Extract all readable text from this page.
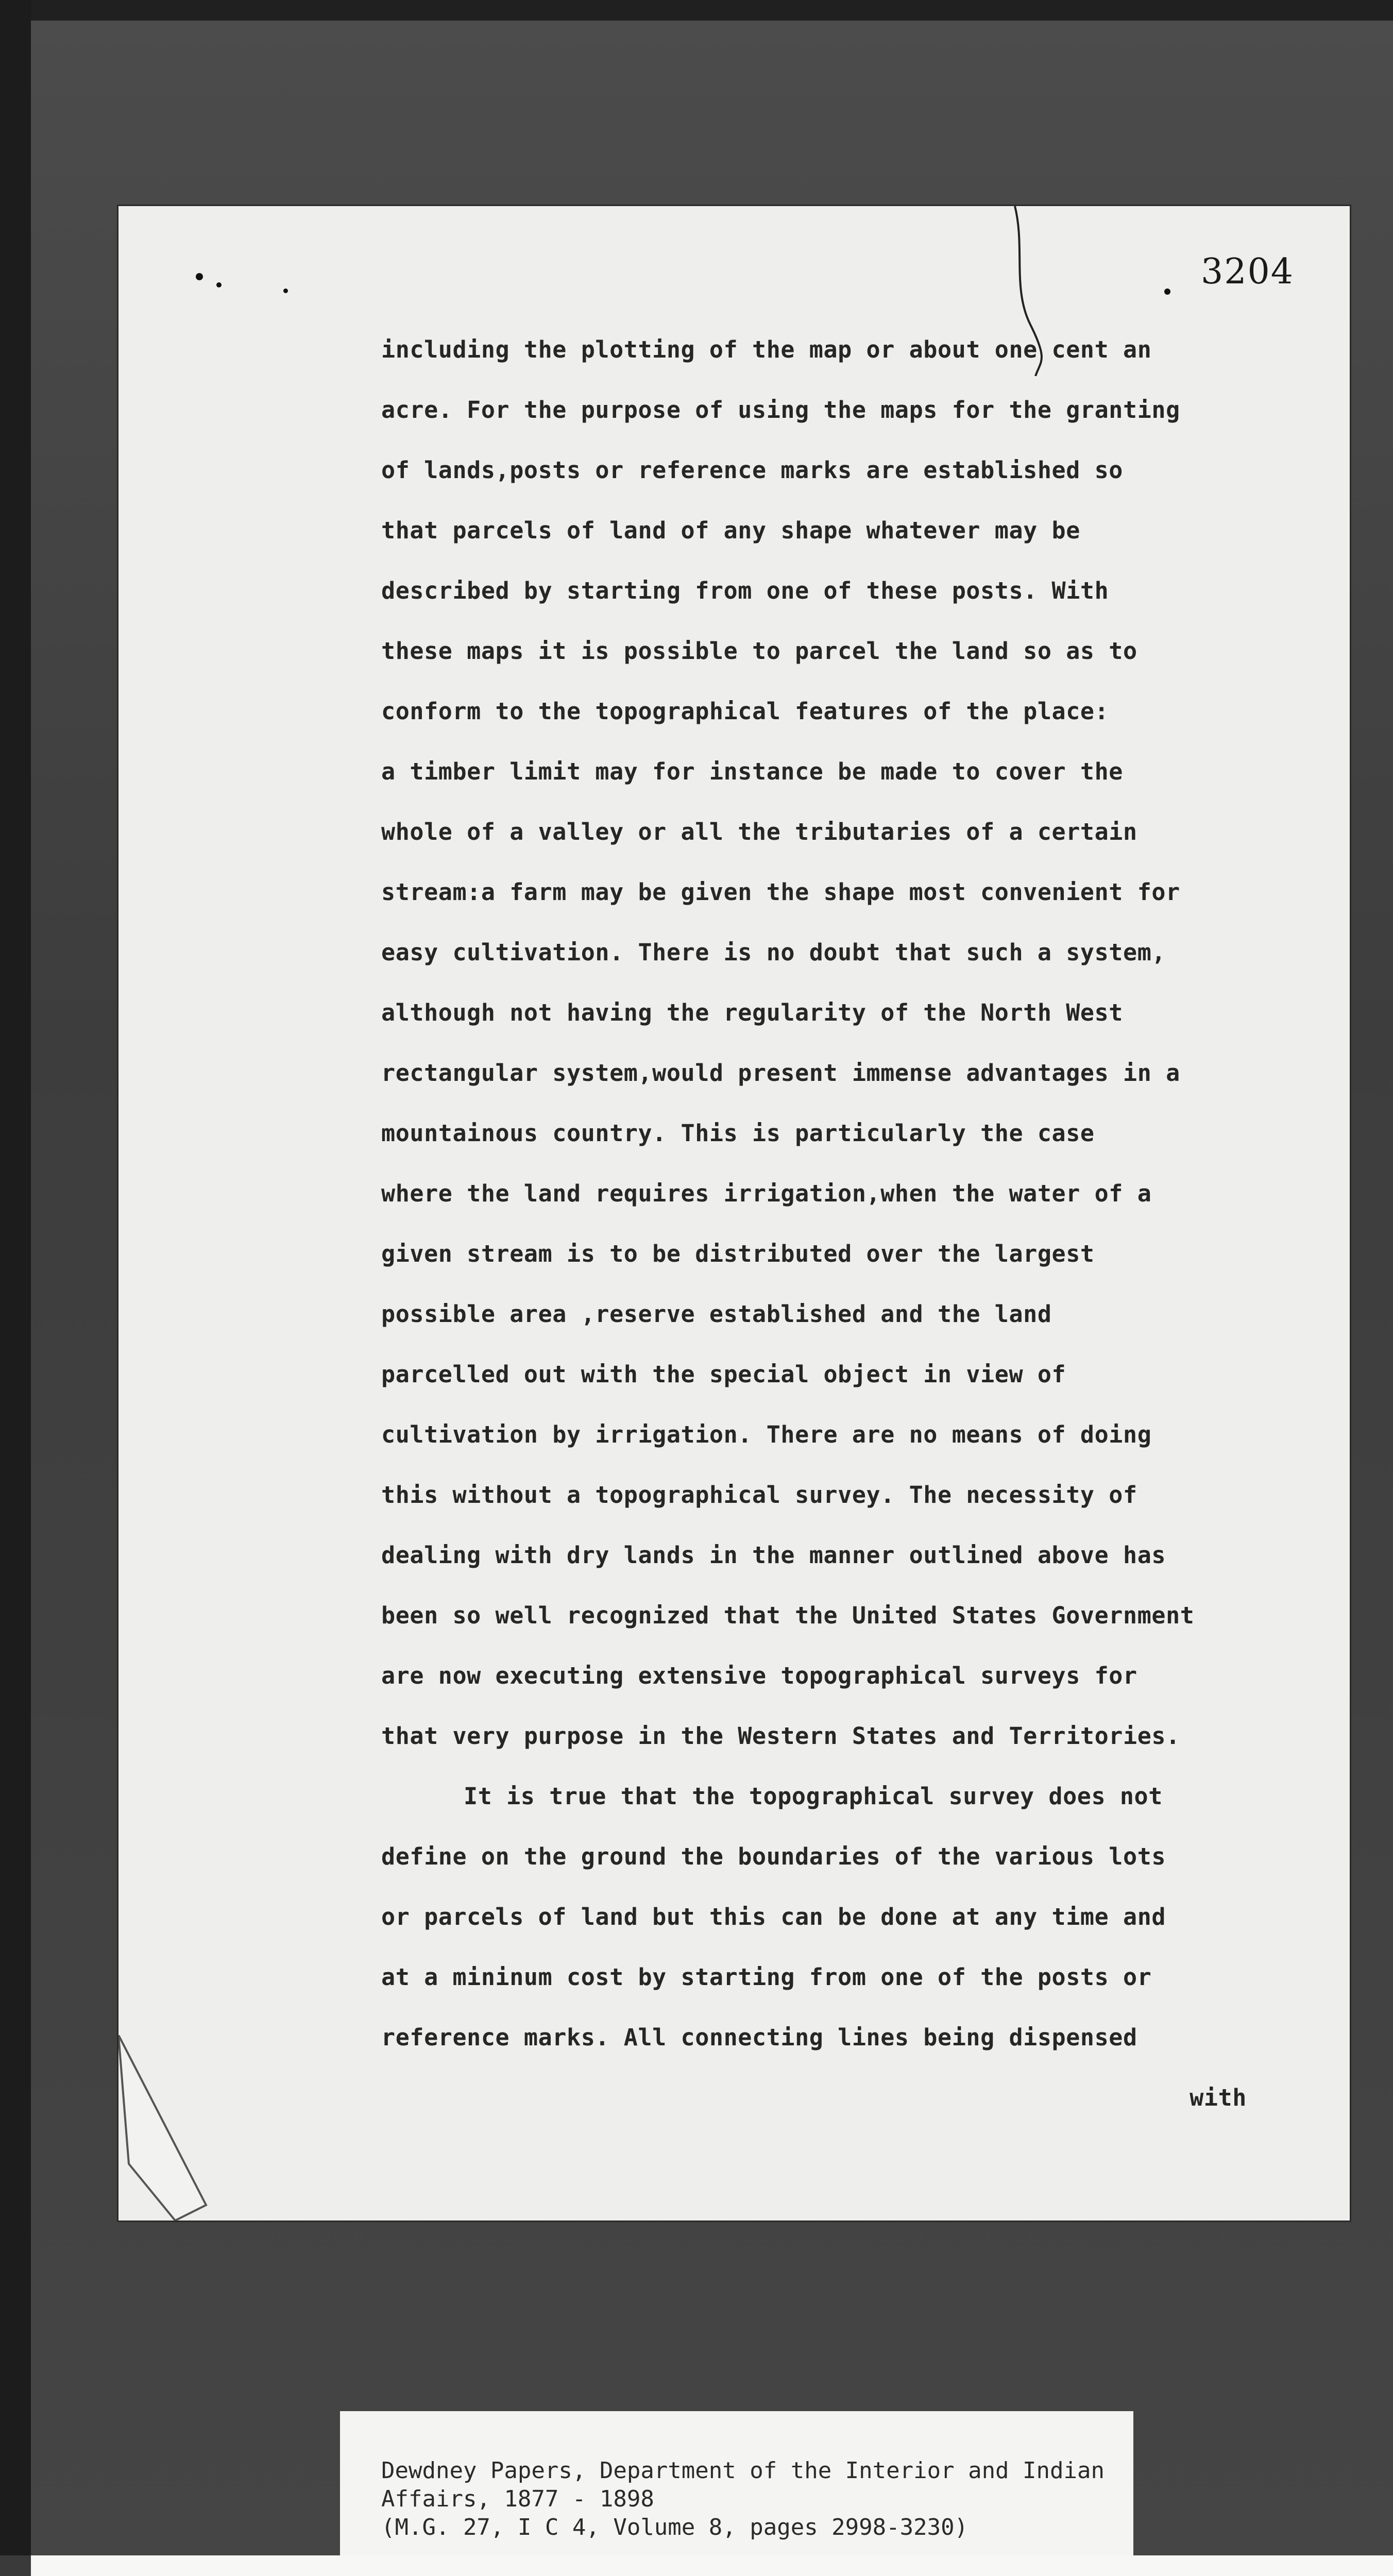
3204
including the plotting of the map or about one cent an
acre. For the purpose of using the maps for the granting
of lands,posts or reference marks are established so
that parcels of land of any shape whatever may be
described by starting from one of these posts. With
these maps it is possible to parcel the land so as to
conform to the topographical features of the place:
a timber limit may for instance be made to cover the
whole of a valley or all the tributaries of a certain
stream:a farm may be given the shape most convenient for
easy cultivation. There is no doubt that such a system,
although not having the regularity of the North West
rectangular system,would present immense advantages in a
mountainous country. This is particularly the case
where the land requires irrigation,when the water of a
given stream is to be distributed over the largest
possible area ,reserve established and the land
parcelled out with the special object in view of
cultivation by irrigation. There are no means of doing
this without a topographical survey. The necessity of
dealing with dry lands in the manner outlined above has
been so well recognized that the United States Government
are now executing extensive topographical surveys for
that very purpose in the Western States and Territories.
It is true that the topographical survey does not
define on the ground the boundaries of the various lots
or parcels of land but this can be done at any time and
at a mininum cost by starting from one of the posts or
reference marks. All connecting lines being dispensed
with
Dewdney Papers, Department of the Interior and Indian
Affairs, 1877 - 1898
(M.G. 27, I C 4, Volume 8, pages 2998-3230)
